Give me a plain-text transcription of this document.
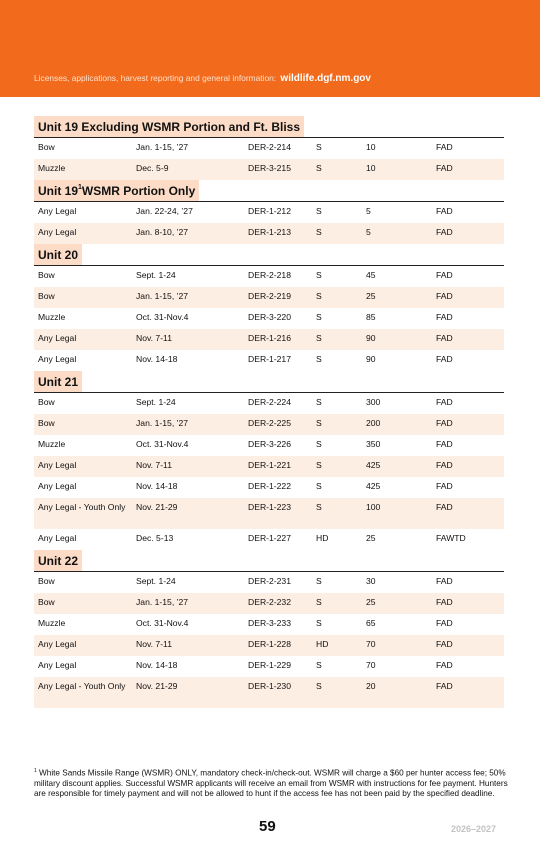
Licenses, applications, harvest reporting and general information: wildlife.dgf.nm.gov
Unit 19 Excluding WSMR Portion and Ft. Bliss
Bow	Jan. 1-15, ’27	DER-2-214	S	10	FAD
Muzzle	Dec. 5-9	DER-3-215	S	10	FAD
Unit $19^1$ WSMR Portion Only
Any Legal	Jan. 22-24, ’27	DER-1-212	S	5	FAD
Any Legal	Jan. 8-10, ’27	DER-1-213	S	5	FAD
Unit 20
Bow	Sept. 1-24	DER-2-218	S	45	FAD
Bow	Jan. 1-15, ’27	DER-2-219	S	25	FAD
Muzzle	Oct. 31-Nov.4	DER-3-220	S	85	FAD
Any Legal	Nov. 7-11	DER-1-216	S	90	FAD
Any Legal	Nov. 14-18	DER-1-217	S	90	FAD
Unit 21
Bow	Sept. 1-24	DER-2-224	S	300	FAD
Bow	Jan. 1-15, ’27	DER-2-225	S	200	FAD
Muzzle	Oct. 31-Nov.4	DER-3-226	S	350	FAD
Any Legal	Nov. 7-11	DER-1-221	S	425	FAD
Any Legal	Nov. 14-18	DER-1-222	S	425	FAD
Any Legal - Youth Only	Nov. 21-29	DER-1-223	S	100	FAD
Any Legal	Dec. 5-13	DER-1-227	HD	25	FAWTD
Unit 22
Bow	Sept. 1-24	DER-2-231	S	30	FAD
Bow	Jan. 1-15, ’27	DER-2-232	S	25	FAD
Muzzle	Oct. 31-Nov.4	DER-3-233	S	65	FAD
Any Legal	Nov. 7-11	DER-1-228	HD	70	FAD
Any Legal	Nov. 14-18	DER-1-229	S	70	FAD
Any Legal - Youth Only	Nov. 21-29	DER-1-230	S	20	FAD
$^1$ White Sands Missile Range (WSMR) ONLY, mandatory check-in/check-out. WSMR will charge a $60 per hunter access fee; 50% military discount applies. Successful WSMR applicants will receive an email from WSMR with instructions for fee payment. Hunters are responsible for timely payment and will not be allowed to hunt if the access fee has not been paid by the specified deadline.
59	2026–2027
